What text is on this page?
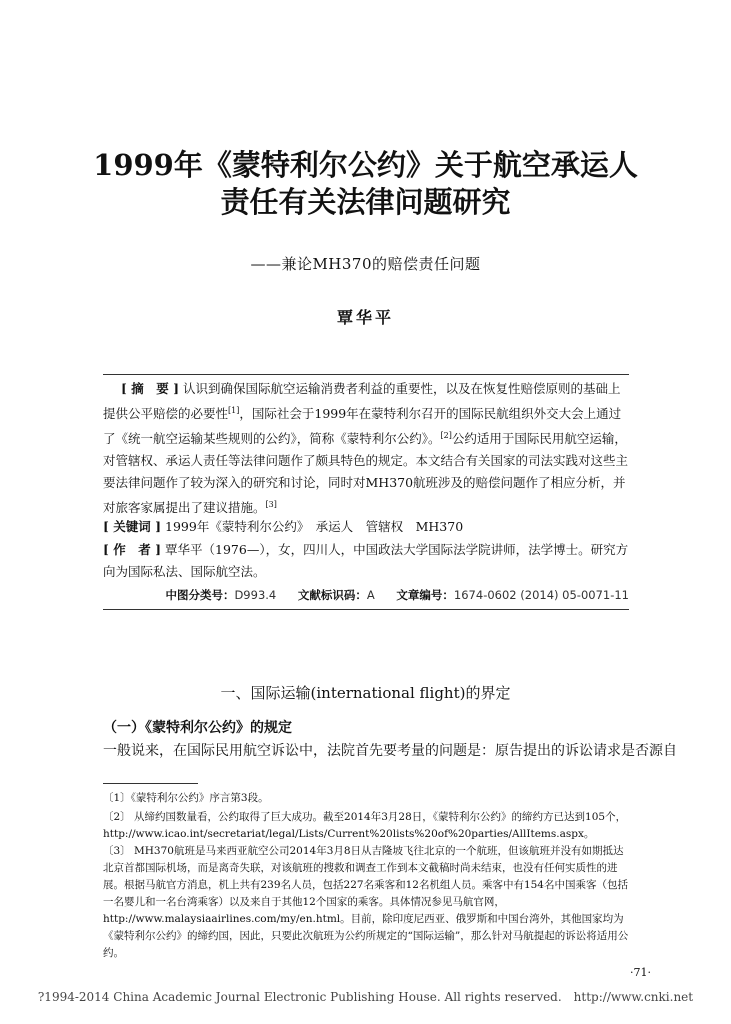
1999年《蒙特利尔公约》关于航空承运人
责任有关法律问题研究
——兼论MH370的赔偿责任问题
覃华平
[ 摘　要 ] 认识到确保国际航空运输消费者利益的重要性，以及在恢复性赔偿原则的基础上提供公平赔偿的必要性[1]，国际社会于1999年在蒙特利尔召开的国际民航组织外交大会上通过了《统一航空运输某些规则的公约》，简称《蒙特利尔公约》。[2]公约适用于国际民用航空运输，对管辖权、承运人责任等法律问题作了颇具特色的规定。本文结合有关国家的司法实践对这些主要法律问题作了较为深入的研究和讨论，同时对MH370航班涉及的赔偿问题作了相应分析，并对旅客家属提出了建议措施。[3]
[ 关键词 ] 1999年《蒙特利尔公约》　承运人　管辖权　MH370
[ 作　者 ] 覃华平（1976—），女，四川人，中国政法大学国际法学院讲师，法学博士。研究方向为国际私法、国际航空法。
中图分类号：D993.4 文献标识码：A 文章编号：1674-0602 (2014) 05-0071-11
一、国际运输(international flight)的界定
（一）《蒙特利尔公约》的规定
一般说来，在国际民用航空诉讼中，法院首先要考量的问题是：原告提出的诉讼请求是否源自
〔1〕《蒙特利尔公约》序言第3段。
〔2〕 从缔约国数量看，公约取得了巨大成功。截至2014年3月28日，《蒙特利尔公约》的缔约方已达到105个，http://www.icao.int/secretariat/legal/Lists/Current%20lists%20of%20parties/AllItems.aspx。
〔3〕 MH370航班是马来西亚航空公司2014年3月8日从吉隆坡飞往北京的一个航班，但该航班并没有如期抵达北京首都国际机场，而是离奇失联，对该航班的搜救和调查工作到本文截稿时尚未结束，也没有任何实质性的进展。根据马航官方消息，机上共有239名人员，包括227名乘客和12名机组人员。乘客中有154名中国乘客（包括一名婴儿和一名台湾乘客）以及来自于其他12个国家的乘客。具体情况参见马航官网，http://www.malaysiaairlines.com/my/en.html。目前，除印度尼西亚、俄罗斯和中国台湾外，其他国家均为《蒙特利尔公约》的缔约国，因此，只要此次航班为公约所规定的“国际运输”，那么针对马航提起的诉讼将适用公约。
·71·
?1994-2014 China Academic Journal Electronic Publishing House. All rights reserved.　http://www.cnki.net
